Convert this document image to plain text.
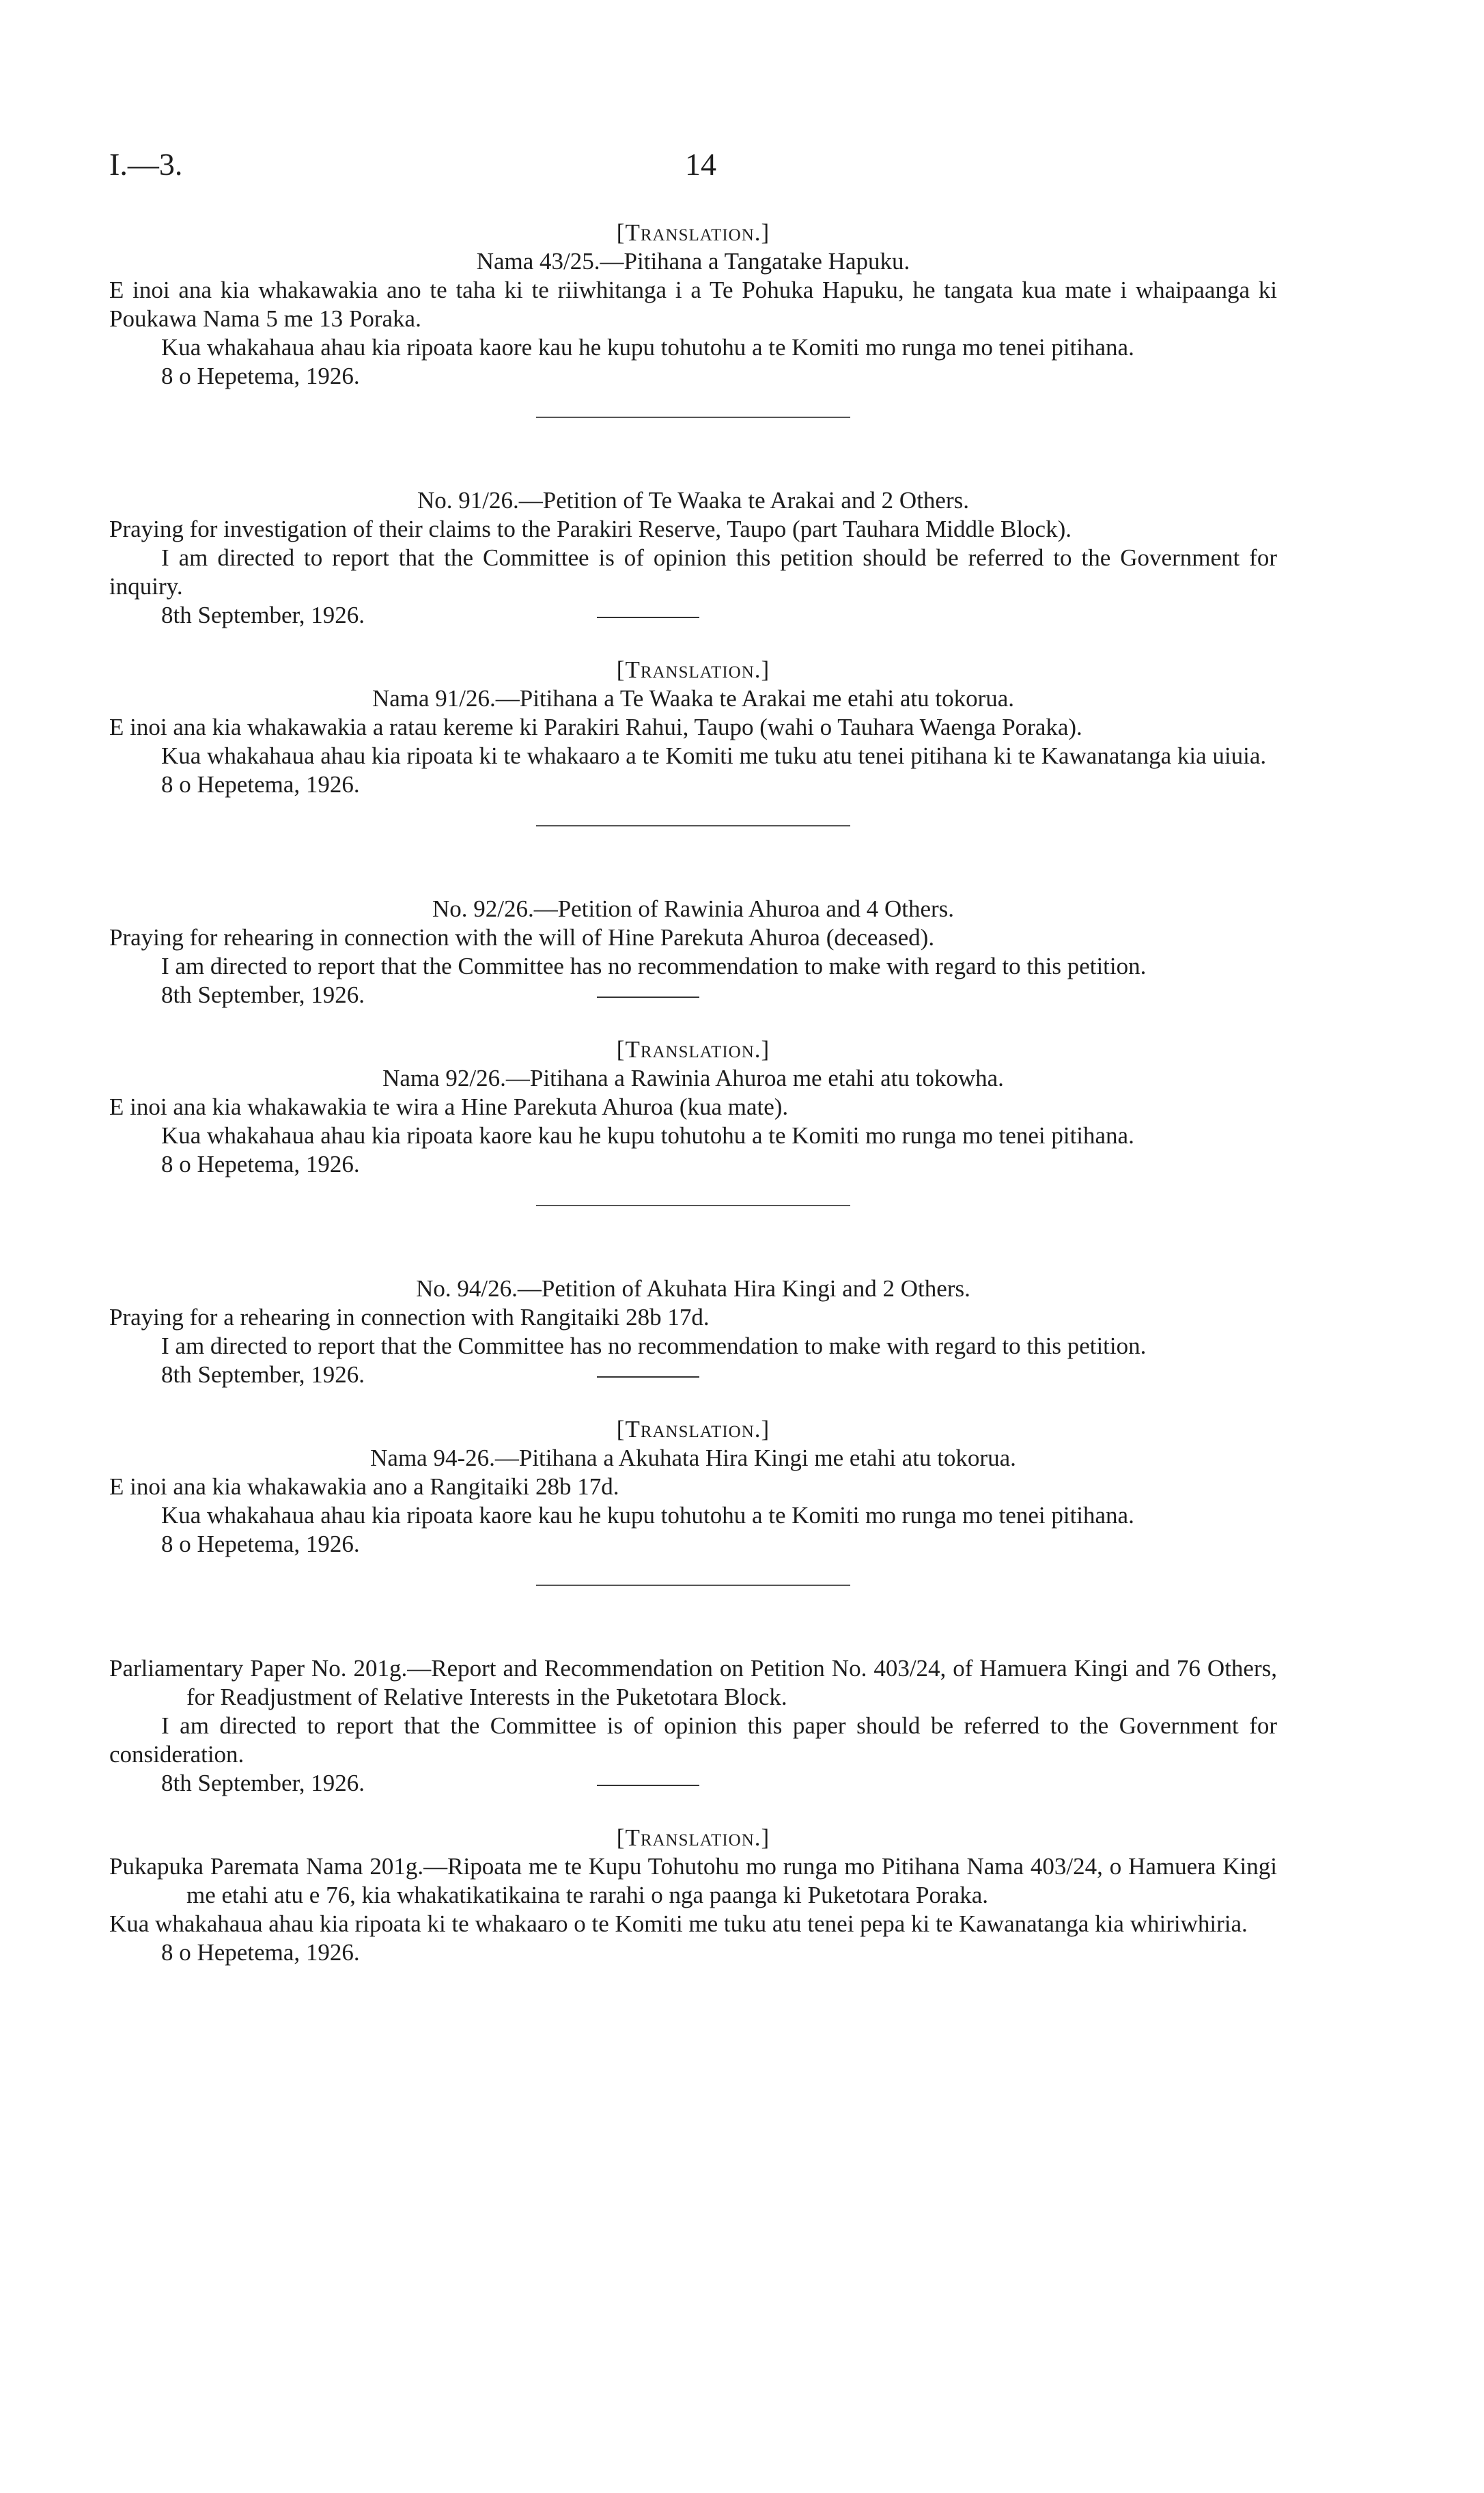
I.—3.	14

[Translation.]

Nama 43/25.—Pitihana a Tangatake Hapuku.

E inoi ana kia whakawakia ano te taha ki te riiwhitanga i a Te Pohuka Hapuku, he tangata kua mate i whaipaanga ki Poukawa Nama 5 me 13 Poraka.

Kua whakahaua ahau kia ripoata kaore kau he kupu tohutohu a te Komiti mo runga mo tenei pitihana.

8 o Hepetema, 1926.

No. 91/26.—Petition of Te Waaka te Arakai and 2 Others.

Praying for investigation of their claims to the Parakiri Reserve, Taupo (part Tauhara Middle Block).

I am directed to report that the Committee is of opinion this petition should be referred to the Government for inquiry.

8th September, 1926.

[Translation.]

Nama 91/26.—Pitihana a Te Waaka te Arakai me etahi atu tokorua.

E inoi ana kia whakawakia a ratau kereme ki Parakiri Rahui, Taupo (wahi o Tauhara Waenga Poraka).

Kua whakahaua ahau kia ripoata ki te whakaaro a te Komiti me tuku atu tenei pitihana ki te Kawanatanga kia uiuia.

8 o Hepetema, 1926.

No. 92/26.—Petition of Rawinia Ahuroa and 4 Others.

Praying for rehearing in connection with the will of Hine Parekuta Ahuroa (deceased).

I am directed to report that the Committee has no recommendation to make with regard to this petition.

8th September, 1926.

[Translation.]

Nama 92/26.—Pitihana a Rawinia Ahuroa me etahi atu tokowha.

E inoi ana kia whakawakia te wira a Hine Parekuta Ahuroa (kua mate).

Kua whakahaua ahau kia ripoata kaore kau he kupu tohutohu a te Komiti mo runga mo tenei pitihana.

8 o Hepetema, 1926.

No. 94/26.—Petition of Akuhata Hira Kingi and 2 Others.

Praying for a rehearing in connection with Rangitaiki 28b 17d.

I am directed to report that the Committee has no recommendation to make with regard to this petition.

8th September, 1926.

[Translation.]

Nama 94-26.—Pitihana a Akuhata Hira Kingi me etahi atu tokorua.

E inoi ana kia whakawakia ano a Rangitaiki 28b 17d.

Kua whakahaua ahau kia ripoata kaore kau he kupu tohutohu a te Komiti mo runga mo tenei pitihana.

8 o Hepetema, 1926.

Parliamentary Paper No. 201g.—Report and Recommendation on Petition No. 403/24, of Hamuera Kingi and 76 Others, for Readjustment of Relative Interests in the Puketotara Block.

I am directed to report that the Committee is of opinion this paper should be referred to the Government for consideration.

8th September, 1926.

[Translation.]

Pukapuka Paremata Nama 201g.—Ripoata me te Kupu Tohutohu mo runga mo Pitihana Nama 403/24, o Hamuera Kingi me etahi atu e 76, kia whakatikatikaina te rarahi o nga paanga ki Puketotara Poraka.

Kua whakahaua ahau kia ripoata ki te whakaaro o te Komiti me tuku atu tenei pepa ki te Kawanatanga kia whiriwhiria.

8 o Hepetema, 1926.
